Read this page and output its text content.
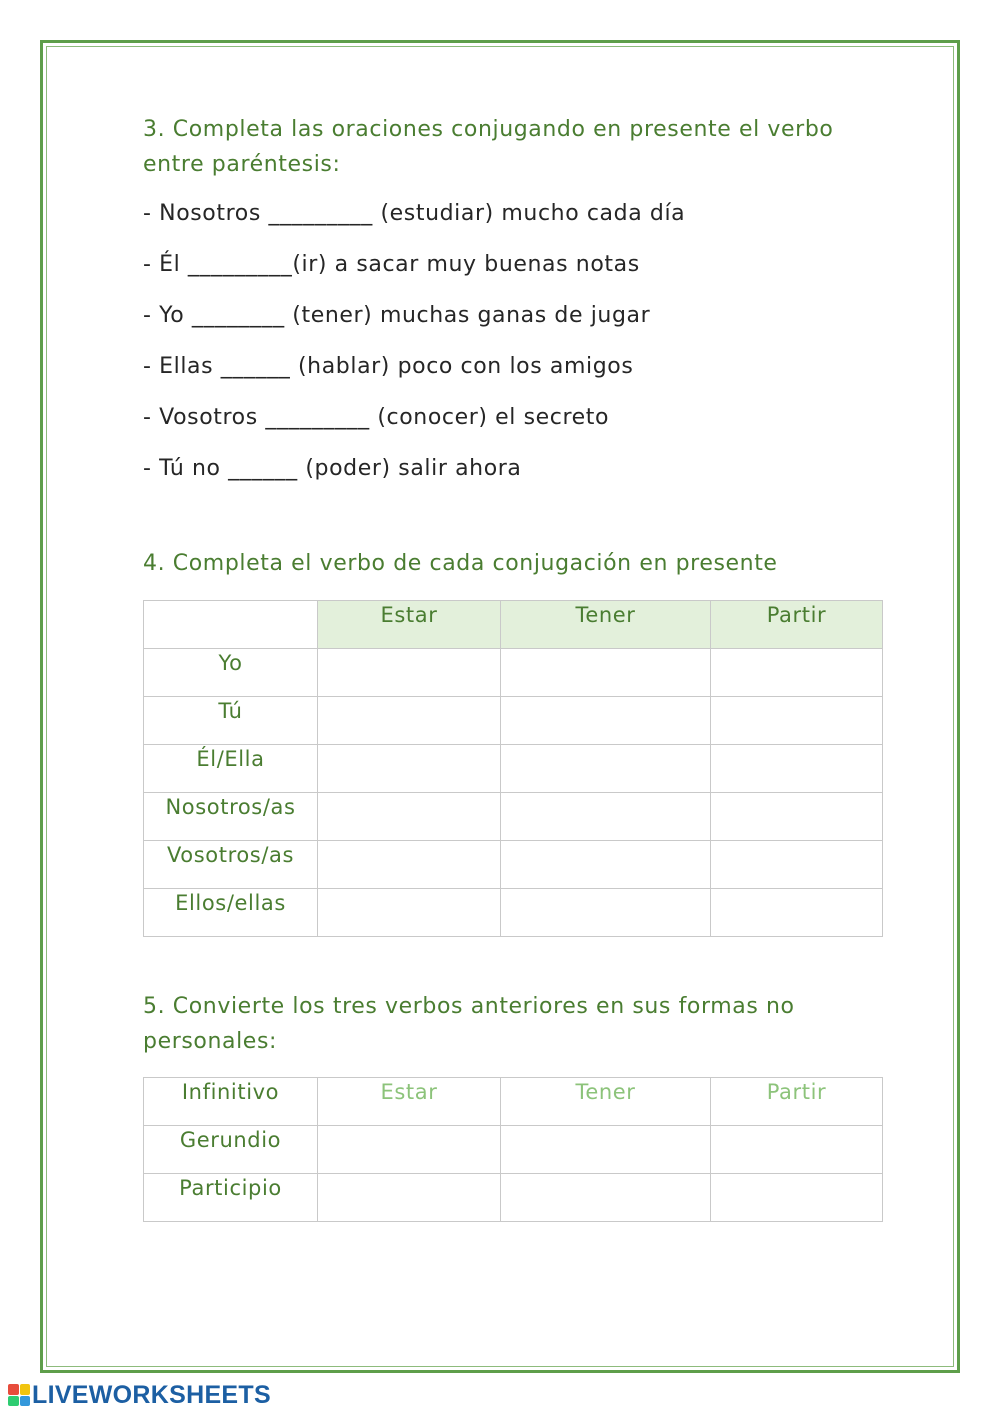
3. Completa las oraciones conjugando en presente el verbo entre paréntesis:

- Nosotros _________ (estudiar) mucho cada día

- Él _________(ir) a sacar muy buenas notas

- Yo ________ (tener) muchas ganas de jugar

- Ellas ______ (hablar) poco con los amigos

- Vosotros _________ (conocer) el secreto

- Tú no ______ (poder) salir ahora

4. Completa el verbo de cada conjugación en presente

	Estar	Tener	Partir
Yo			
Tú			
Él/Ella			
Nosotros/as			
Vosotros/as			
Ellos/ellas			

5. Convierte los tres verbos anteriores en sus formas no personales:

Infinitivo	Estar	Tener	Partir
Gerundio			
Participio			
LIVEWORKSHEETS
